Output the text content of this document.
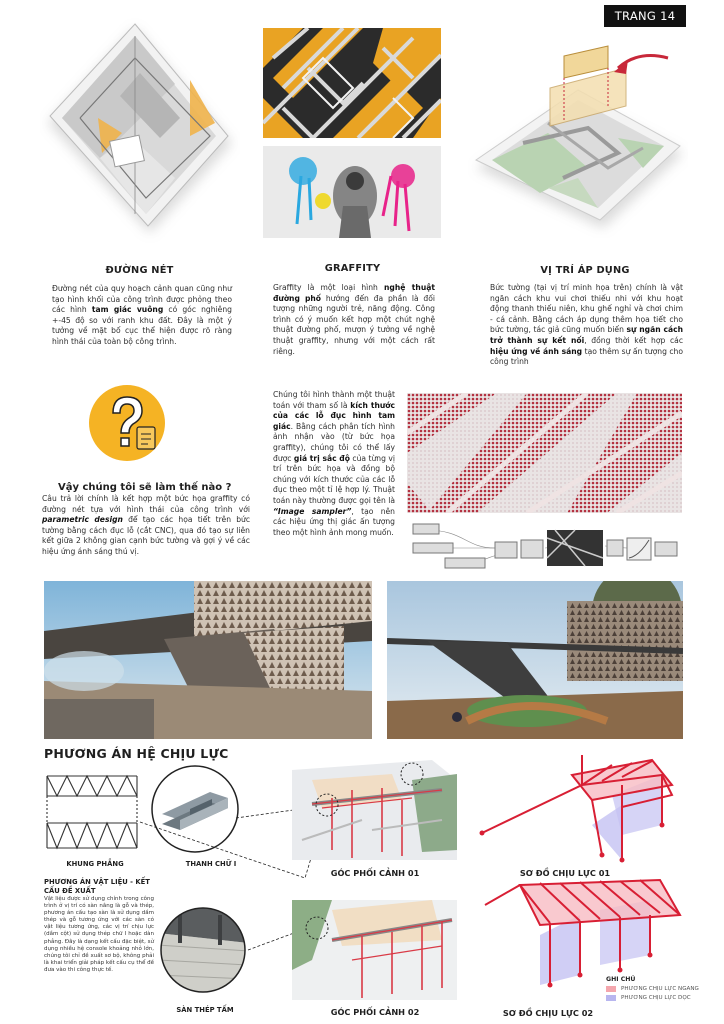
TRANG 14
ĐƯỜNG NÉT
Đường nét của quy hoạch cảnh quan cũng như tạo hình khối của công trình được phỏng theo các hình tam giác vuông có góc nghiêng +-45 độ so với ranh khu đất. Đây là một ý tưởng về mặt bố cục thể hiện được rõ ràng hình thái của toàn bộ công trình.
GRAFFITY
Graffity là một loại hình nghệ thuật đường phố hướng đến đa phần là đối tượng những người trẻ, năng động. Công trình có ý muốn kết hợp một chút nghệ thuật đường phố, mượn ý tưởng về nghệ thuật graffity, nhưng với một cách rất riêng.
VỊ TRÍ ÁP DỤNG
Bức tường (tại vị trí minh họa trên) chính là vật ngăn cách khu vui chơi thiếu nhi với khu hoạt động thanh thiếu niên, khu ghế nghỉ và chơi chim - cá cảnh. Bằng cách áp dụng thêm họa tiết cho bức tường, tác giả cũng muốn biến sự ngăn cách trở thành sự kết nối, đồng thời kết hợp các hiệu ứng về ánh sáng tạo thêm sự ấn tượng cho công trình
Vậy chúng tôi sẽ làm thế nào ?
Câu trả lời chính là kết hợp một bức họa graffity có đường nét tựa với hình thái của công trình với parametric design để tạo các họa tiết trên bức tường bằng cách đục lỗ (cắt CNC), qua đó tạo sự liên kết giữa 2 không gian cạnh bức tường và gợi ý về các hiệu ứng ánh sáng thú vị.
Chúng tôi hình thành một thuật toán với tham số là kích thước của các lỗ đục hình tam giác. Bằng cách phân tích hình ảnh nhận vào (từ bức họa graffity), chúng tôi có thể lấy được giá trị sắc độ của từng vị trí trên bức họa và đồng bộ chúng với kích thước của các lỗ đục theo một tỉ lệ hợp lý. Thuật toán này thường được gọi tên là “Image sampler”, tạo nên các hiệu ứng thị giác ấn tượng theo một hình ảnh mong muốn.
PHƯƠNG ÁN HỆ CHỊU LỰC
KHUNG PHẲNG	THANH CHỮ I
PHƯƠNG ÁN VẬT LIỆU - KẾT CẤU ĐỀ XUẤT
Vật liệu được sử dụng chính trong công trình ở vị trí có sàn nâng là gỗ và thép, phương án cấu tạo sàn là sử dụng dầm thép và gỗ tương ứng với các sàn có vật liệu tương ứng, các vị trí chịu lực (dầm cột) sử dụng thép chữ I hoặc dàn phẳng. Đây là dạng kết cấu đặc biệt, sử dụng nhiều hệ console khoảng nhỏ lớn, chúng tôi chỉ đề xuất sơ bộ, không phải là khai triển giải pháp kết cấu cụ thể đề đưa vào thi công thực tế.
SÀN THÉP TẤM
GÓC PHỐI CẢNH 01
GÓC PHỐI CẢNH 02
SƠ ĐỒ CHỊU LỰC 01
SƠ ĐỒ CHỊU LỰC 02
GHI CHÚ
PHƯƠNG CHỊU LỰC NGANG
PHƯƠNG CHỊU LỰC DỌC
